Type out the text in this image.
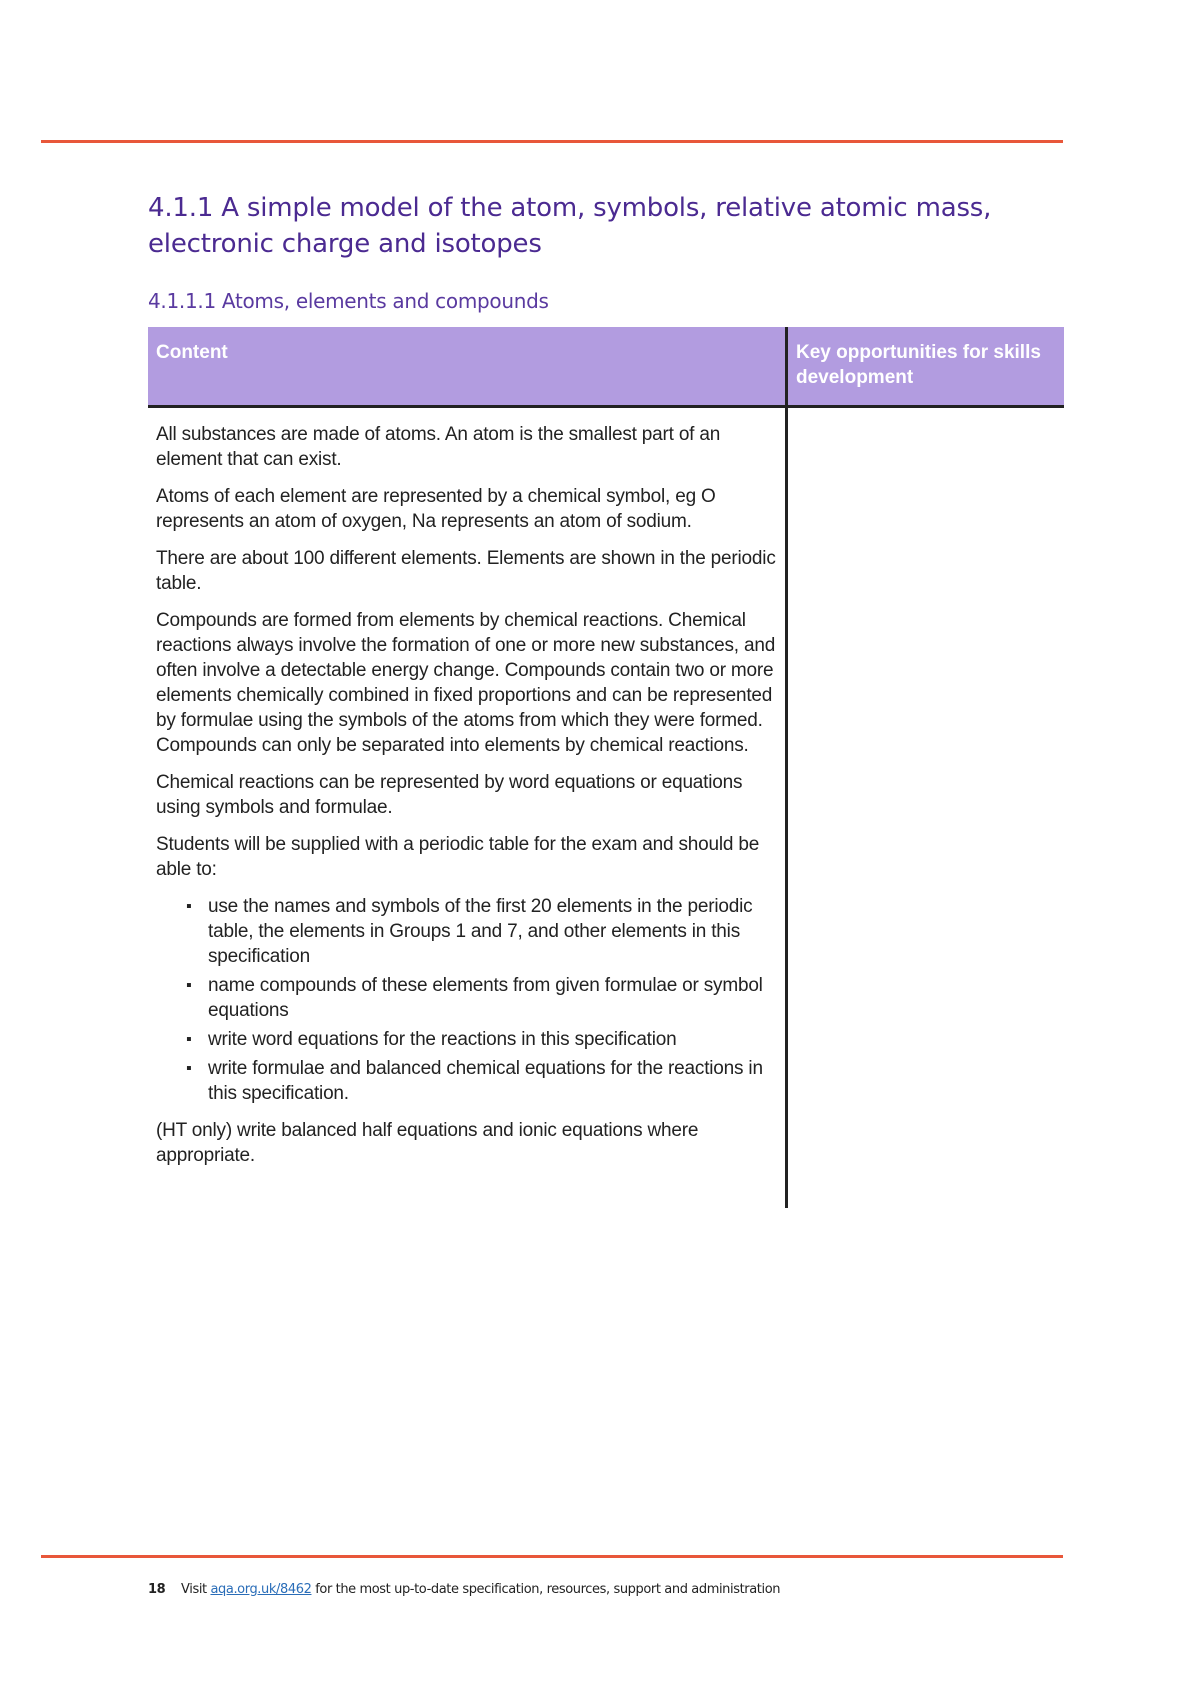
4.1.1 A simple model of the atom, symbols, relative atomic mass, electronic charge and isotopes
4.1.1.1 Atoms, elements and compounds
Content	Key opportunities for skills development

All substances are made of atoms. An atom is the smallest part of an element that can exist.

Atoms of each element are represented by a chemical symbol, eg O represents an atom of oxygen, Na represents an atom of sodium.

There are about 100 different elements. Elements are shown in the periodic table.

Compounds are formed from elements by chemical reactions. Chemical reactions always involve the formation of one or more new substances, and often involve a detectable energy change. Compounds contain two or more elements chemically combined in fixed proportions and can be represented by formulae using the symbols of the atoms from which they were formed. Compounds can only be separated into elements by chemical reactions.

Chemical reactions can be represented by word equations or equations using symbols and formulae.

Students will be supplied with a periodic table for the exam and should be able to:

▪ use the names and symbols of the first 20 elements in the periodic table, the elements in Groups 1 and 7, and other elements in this specification
▪ name compounds of these elements from given formulae or symbol equations
▪ write word equations for the reactions in this specification
▪ write formulae and balanced chemical equations for the reactions in this specification.

(HT only) write balanced half equations and ionic equations where appropriate.

18 Visit aqa.org.uk/8462 for the most up-to-date specification, resources, support and administration
